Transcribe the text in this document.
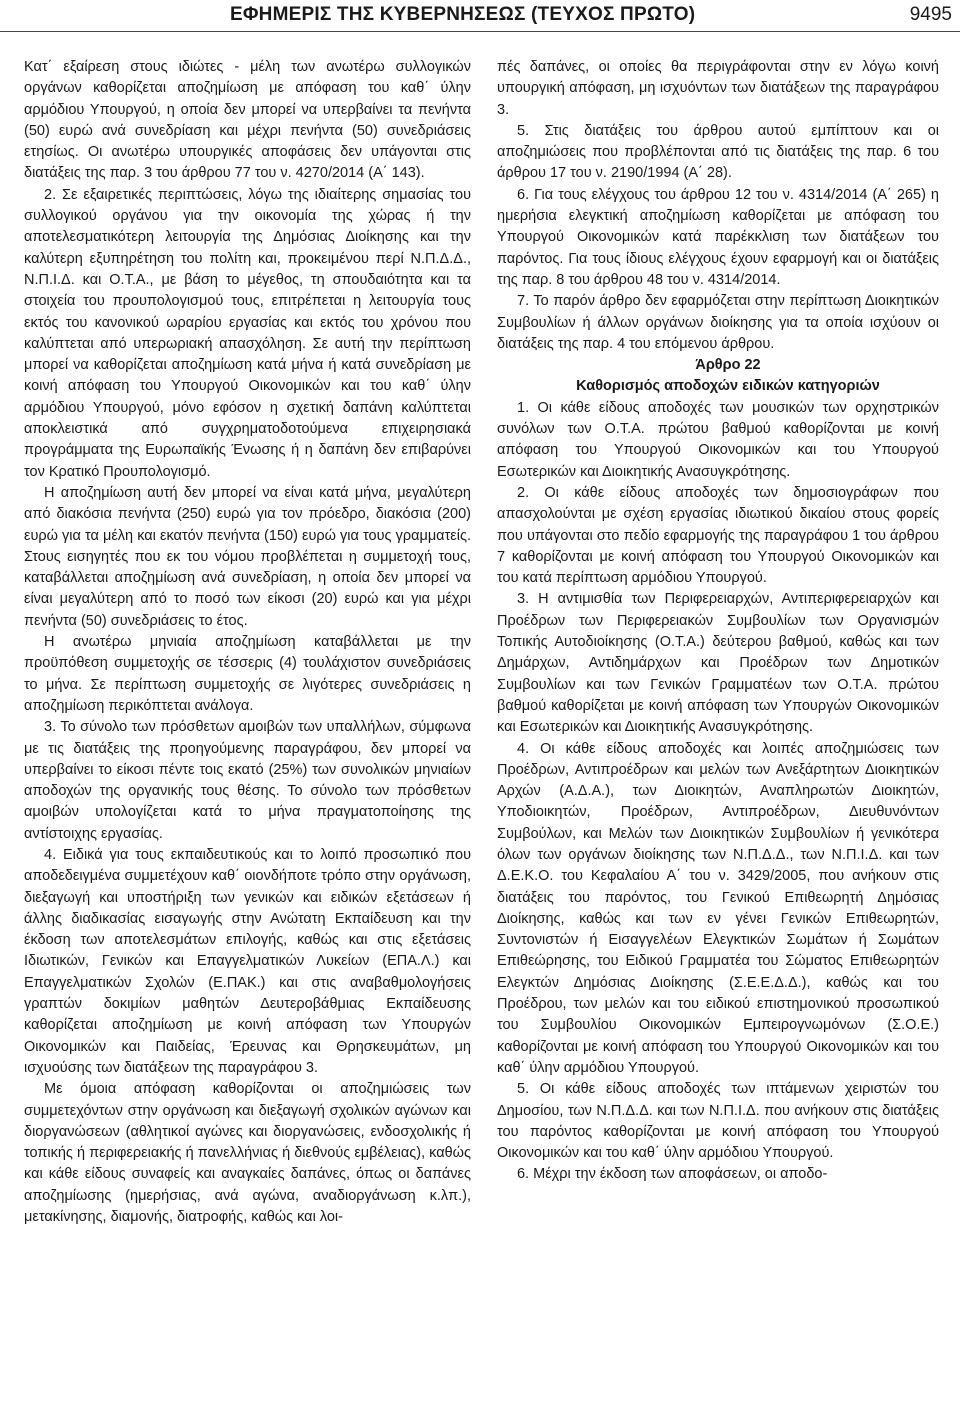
ΕΦΗΜΕΡΙΣ ΤΗΣ ΚΥΒΕΡΝΗΣΕΩΣ (ΤΕΥΧΟΣ ΠΡΩΤΟ)	9495

Κατ΄ εξαίρεση στους ιδιώτες - μέλη των ανωτέρω συλλογικών οργάνων καθορίζεται αποζημίωση με απόφαση του καθ΄ ύλην αρμόδιου Υπουργού, η οποία δεν μπορεί να υπερβαίνει τα πενήντα (50) ευρώ ανά συνεδρίαση και μέχρι πενήντα (50) συνεδριάσεις ετησίως. Οι ανωτέρω υπουργικές αποφάσεις δεν υπάγονται στις διατάξεις της παρ. 3 του άρθρου 77 του ν. 4270/2014 (Α΄ 143).

2. Σε εξαιρετικές περιπτώσεις, λόγω της ιδιαίτερης σημασίας του συλλογικού οργάνου για την οικονομία της χώρας ή την αποτελεσματικότερη λειτουργία της Δημόσιας Διοίκησης και την καλύτερη εξυπηρέτηση του πολίτη και, προκειμένου περί Ν.Π.Δ.Δ., Ν.Π.Ι.Δ. και Ο.Τ.Α., με βάση το μέγεθος, τη σπουδαιότητα και τα στοιχεία του προυπολογισμού τους, επιτρέπεται η λειτουργία τους εκτός του κανονικού ωραρίου εργασίας και εκτός του χρόνου που καλύπτεται από υπερωριακή απασχόληση. Σε αυτή την περίπτωση μπορεί να καθορίζεται αποζημίωση κατά μήνα ή κατά συνεδρίαση με κοινή απόφαση του Υπουργού Οικονομικών και του καθ΄ ύλην αρμόδιου Υπουργού, μόνο εφόσον η σχετική δαπάνη καλύπτεται αποκλειστικά από συγχρηματοδοτούμενα επιχειρησιακά προγράμματα της Ευρωπαϊκής Ένωσης ή η δαπάνη δεν επιβαρύνει τον Κρατικό Προυπολογισμό.

Η αποζημίωση αυτή δεν μπορεί να είναι κατά μήνα, μεγαλύτερη από διακόσια πενήντα (250) ευρώ για τον πρόεδρο, διακόσια (200) ευρώ για τα μέλη και εκατόν πενήντα (150) ευρώ για τους γραμματείς. Στους εισηγητές που εκ του νόμου προβλέπεται η συμμετοχή τους, καταβάλλεται αποζημίωση ανά συνεδρίαση, η οποία δεν μπορεί να είναι μεγαλύτερη από το ποσό των είκοσι (20) ευρώ και για μέχρι πενήντα (50) συνεδριάσεις το έτος.

Η ανωτέρω μηνιαία αποζημίωση καταβάλλεται με την προϋπόθεση συμμετοχής σε τέσσερις (4) τουλάχιστον συνεδριάσεις το μήνα. Σε περίπτωση συμμετοχής σε λιγότερες συνεδριάσεις η αποζημίωση περικόπτεται ανάλογα.

3. Το σύνολο των πρόσθετων αμοιβών των υπαλλήλων, σύμφωνα με τις διατάξεις της προηγούμενης παραγράφου, δεν μπορεί να υπερβαίνει το είκοσι πέντε τοις εκατό (25%) των συνολικών μηνιαίων αποδοχών της οργανικής τους θέσης. Το σύνολο των πρόσθετων αμοιβών υπολογίζεται κατά το μήνα πραγματοποίησης της αντίστοιχης εργασίας.

4. Ειδικά για τους εκπαιδευτικούς και το λοιπό προσωπικό που αποδεδειγμένα συμμετέχουν καθ΄ οιονδήποτε τρόπο στην οργάνωση, διεξαγωγή και υποστήριξη των γενικών και ειδικών εξετάσεων ή άλλης διαδικασίας εισαγωγής στην Ανώτατη Εκπαίδευση και την έκδοση των αποτελεσμάτων επιλογής, καθώς και στις εξετάσεις Ιδιωτικών, Γενικών και Επαγγελματικών Λυκείων (ΕΠΑ.Λ.) και Επαγγελματικών Σχολών (Ε.ΠΑΚ.) και στις αναβαθμολογήσεις γραπτών δοκιμίων μαθητών Δευτεροβάθμιας Εκπαίδευσης καθορίζεται αποζημίωση με κοινή απόφαση των Υπουργών Οικονομικών και Παιδείας, Έρευνας και Θρησκευμάτων, μη ισχυούσης των διατάξεων της παραγράφου 3.

Με όμοια απόφαση καθορίζονται οι αποζημιώσεις των συμμετεχόντων στην οργάνωση και διεξαγωγή σχολικών αγώνων και διοργανώσεων (αθλητικοί αγώνες και διοργανώσεις, ενδοσχολικής ή τοπικής ή περιφερειακής ή πανελλήνιας ή διεθνούς εμβέλειας), καθώς και κάθε είδους συναφείς και αναγκαίες δαπάνες, όπως οι δαπάνες αποζημίωσης (ημερήσιας, ανά αγώνα, αναδιοργάνωση κ.λπ.), μετακίνησης, διαμονής, διατροφής, καθώς και λοι-

πές δαπάνες, οι οποίες θα περιγράφονται στην εν λόγω κοινή υπουργική απόφαση, μη ισχυόντων των διατάξεων της παραγράφου 3.

5. Στις διατάξεις του άρθρου αυτού εμπίπτουν και οι αποζημιώσεις που προβλέπονται από τις διατάξεις της παρ. 6 του άρθρου 17 του ν. 2190/1994 (Α΄ 28).

6. Για τους ελέγχους του άρθρου 12 του ν. 4314/2014 (Α΄ 265) η ημερήσια ελεγκτική αποζημίωση καθορίζεται με απόφαση του Υπουργού Οικονομικών κατά παρέκκλιση των διατάξεων του παρόντος. Για τους ίδιους ελέγχους έχουν εφαρμογή και οι διατάξεις της παρ. 8 του άρθρου 48 του ν. 4314/2014.

7. Το παρόν άρθρο δεν εφαρμόζεται στην περίπτωση Διοικητικών Συμβουλίων ή άλλων οργάνων διοίκησης για τα οποία ισχύουν οι διατάξεις της παρ. 4 του επόμενου άρθρου.

Άρθρο 22

Καθορισμός αποδοχών ειδικών κατηγοριών

1. Οι κάθε είδους αποδοχές των μουσικών των ορχηστρικών συνόλων των Ο.Τ.Α. πρώτου βαθμού καθορίζονται με κοινή απόφαση του Υπουργού Οικονομικών και του Υπουργού Εσωτερικών και Διοικητικής Ανασυγκρότησης.

2. Οι κάθε είδους αποδοχές των δημοσιογράφων που απασχολούνται με σχέση εργασίας ιδιωτικού δικαίου στους φορείς που υπάγονται στο πεδίο εφαρμογής της παραγράφου 1 του άρθρου 7 καθορίζονται με κοινή απόφαση του Υπουργού Οικονομικών και του κατά περίπτωση αρμόδιου Υπουργού.

3. Η αντιμισθία των Περιφερειαρχών, Αντιπεριφερειαρχών και Προέδρων των Περιφερειακών Συμβουλίων των Οργανισμών Τοπικής Αυτοδιοίκησης (Ο.Τ.Α.) δεύτερου βαθμού, καθώς και των Δημάρχων, Αντιδημάρχων και Προέδρων των Δημοτικών Συμβουλίων και των Γενικών Γραμματέων των Ο.Τ.Α. πρώτου βαθμού καθορίζεται με κοινή απόφαση των Υπουργών Οικονομικών και Εσωτερικών και Διοικητικής Ανασυγκρότησης.

4. Οι κάθε είδους αποδοχές και λοιπές αποζημιώσεις των Προέδρων, Αντιπροέδρων και μελών των Ανεξάρτητων Διοικητικών Αρχών (Α.Δ.Α.), των Διοικητών, Αναπληρωτών Διοικητών, Υποδιοικητών, Προέδρων, Αντιπροέδρων, Διευθυνόντων Συμβούλων, και Μελών των Διοικητικών Συμβουλίων ή γενικότερα όλων των οργάνων διοίκησης των Ν.Π.Δ.Δ., των Ν.Π.Ι.Δ. και των Δ.Ε.Κ.Ο. του Κεφαλαίου Α΄ του ν. 3429/2005, που ανήκουν στις διατάξεις του παρόντος, του Γενικού Επιθεωρητή Δημόσιας Διοίκησης, καθώς και των εν γένει Γενικών Επιθεωρητών, Συντονιστών ή Εισαγγελέων Ελεγκτικών Σωμάτων ή Σωμάτων Επιθεώρησης, του Ειδικού Γραμματέα του Σώματος Επιθεωρητών Ελεγκτών Δημόσιας Διοίκησης (Σ.Ε.Ε.Δ.Δ.), καθώς και του Προέδρου, των μελών και του ειδικού επιστημονικού προσωπικού του Συμβουλίου Οικονομικών Εμπειρογνωμόνων (Σ.Ο.Ε.) καθορίζονται με κοινή απόφαση του Υπουργού Οικονομικών και του καθ΄ ύλην αρμόδιου Υπουργού.

5. Οι κάθε είδους αποδοχές των ιπτάμενων χειριστών του Δημοσίου, των Ν.Π.Δ.Δ. και των Ν.Π.Ι.Δ. που ανήκουν στις διατάξεις του παρόντος καθορίζονται με κοινή απόφαση του Υπουργού Οικονομικών και του καθ΄ ύλην αρμόδιου Υπουργού.

6. Μέχρι την έκδοση των αποφάσεων, οι αποδο-
